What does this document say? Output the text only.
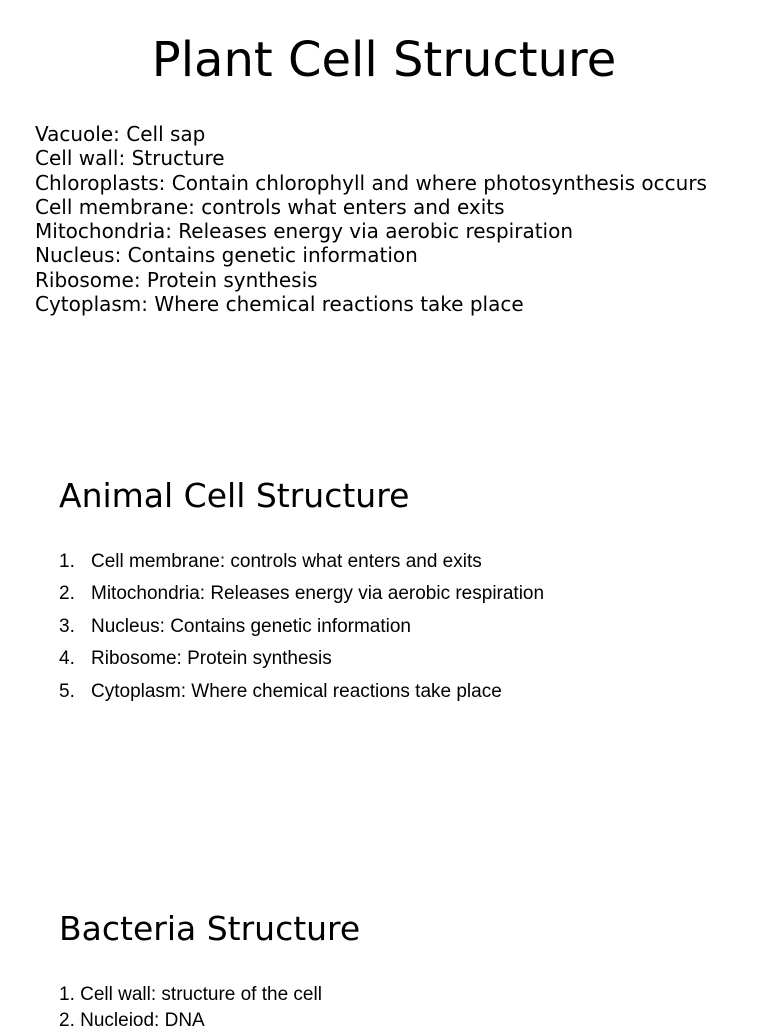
Plant Cell Structure
Vacuole: Cell sap
Cell wall: Structure
Chloroplasts: Contain chlorophyll and where photosynthesis occurs
Cell membrane: controls what enters and exits
Mitochondria: Releases energy via aerobic respiration
Nucleus: Contains genetic information
Ribosome: Protein synthesis
Cytoplasm: Where chemical reactions take place
Animal Cell Structure
1. Cell membrane: controls what enters and exits
2. Mitochondria: Releases energy via aerobic respiration
3. Nucleus: Contains genetic information
4. Ribosome: Protein synthesis
5. Cytoplasm: Where chemical reactions take place
Bacteria Structure
1. Cell wall: structure of the cell
2. Nucleiod: DNA
